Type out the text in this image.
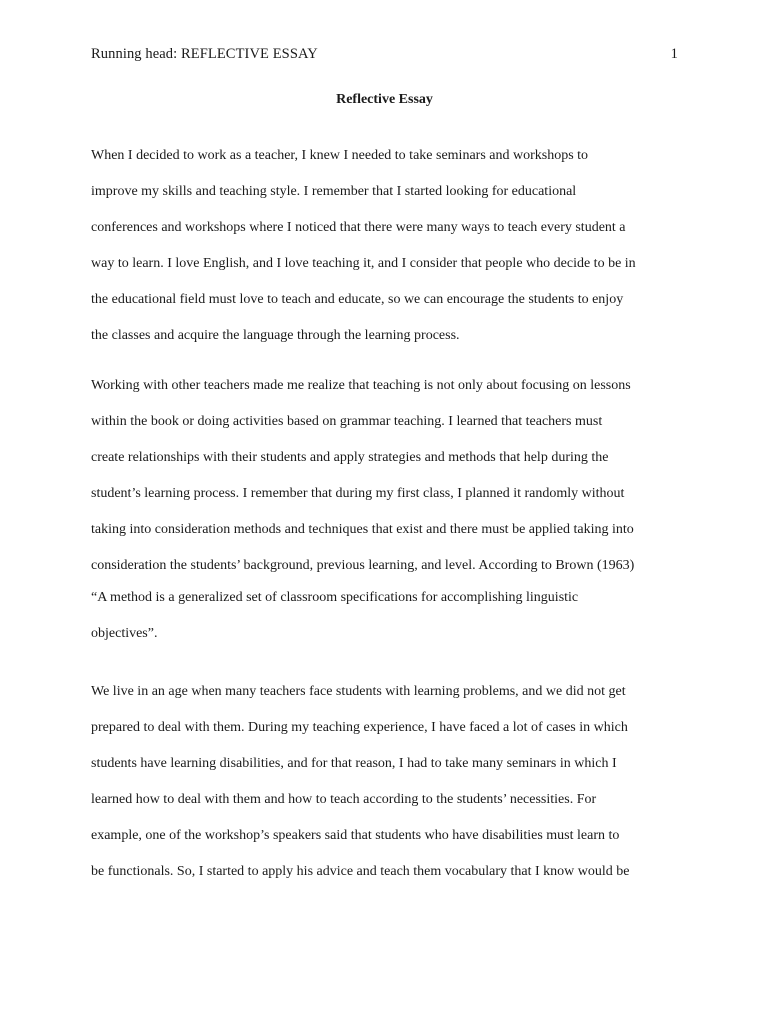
Running head: REFLECTIVE ESSAY	1
Reflective Essay
When I decided to work as a teacher, I knew I needed to take seminars and workshops to
improve my skills and teaching style. I remember that I started looking for educational
conferences and workshops where I noticed that there were many ways to teach every student a
way to learn. I love English, and I love teaching it, and I consider that people who decide to be in
the educational field must love to teach and educate, so we can encourage the students to enjoy
the classes and acquire the language through the learning process.
Working with other teachers made me realize that teaching is not only about focusing on lessons
within the book or doing activities based on grammar teaching. I learned that teachers must
create relationships with their students and apply strategies and methods that help during the
student’s learning process. I remember that during my first class, I planned it randomly without
taking into consideration methods and techniques that exist and there must be applied taking into
consideration the students’ background, previous learning, and level. According to Brown (1963)
“A method is a generalized set of classroom specifications for accomplishing linguistic
objectives”.
We live in an age when many teachers face students with learning problems, and we did not get
prepared to deal with them. During my teaching experience, I have faced a lot of cases in which
students have learning disabilities, and for that reason, I had to take many seminars in which I
learned how to deal with them and how to teach according to the students’ necessities. For
example, one of the workshop’s speakers said that students who have disabilities must learn to
be functionals. So, I started to apply his advice and teach them vocabulary that I know would be
